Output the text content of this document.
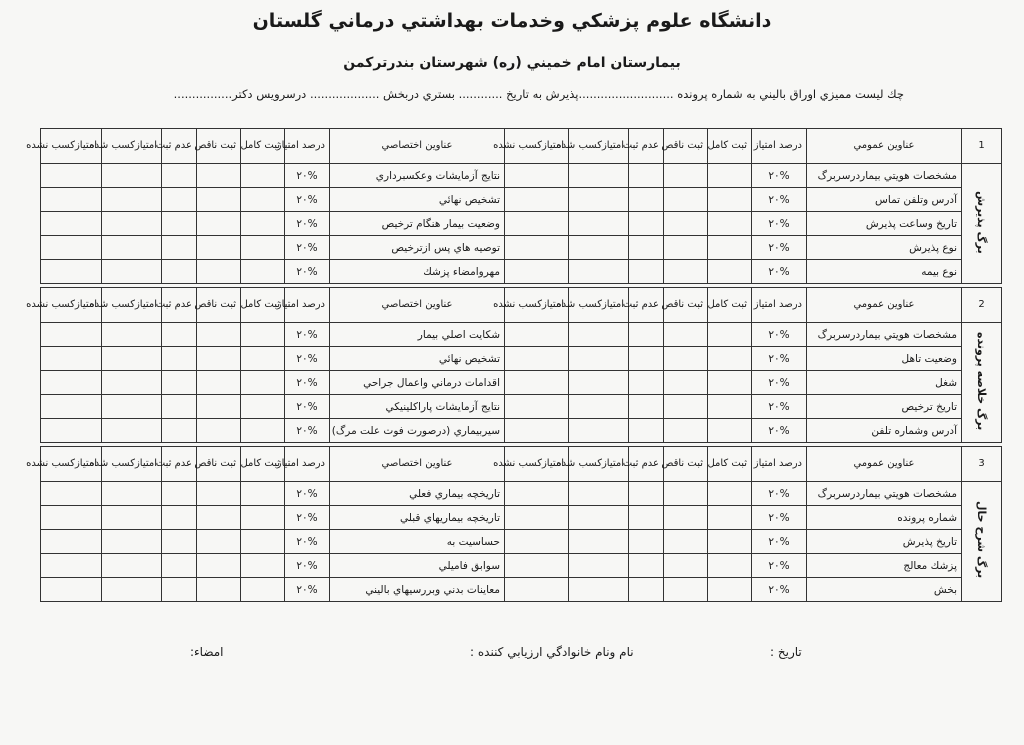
دانشگاه علوم پزشکي وخدمات بهداشتي درماني گلستان
بيمارستان امام خميني (ره) شهرستان بندرتركمن
چك ليست مميزي اوراق باليني به شماره پرونده ..........................پذيرش به تاريخ ............ بستري دربخش ................... درسرويس دكتر................
1	عناوين عمومي	درصد امتياز	ثبت كامل	ثبت ناقص	عدم ثبت	امتيازكسب شده	امتيازكسب نشده	عناوين اختصاصي	درصد امتياز	ثبت كامل	ثبت ناقص	عدم ثبت	امتيازكسب شده	امتيازكسب نشده
برگ پذيرش	مشخصات هويتي بيماردرسربرگ	٢٠%						نتايج آزمايشات وعكسبرداري	٢٠%					
	آدرس وتلفن تماس	٢٠%						تشخيص نهائي	٢٠%					
	تاريخ وساعت پذيرش	٢٠%						وضعيت بيمار هنگام ترخيص	٢٠%					
	نوع پذيرش	٢٠%						توصيه هاي پس ازترخيص	٢٠%					
	نوع بيمه	٢٠%						مهروامضاء پزشك	٢٠%					

2	عناوين عمومي	درصد امتياز	ثبت كامل	ثبت ناقص	عدم ثبت	امتيازكسب شده	امتيازكسب نشده	عناوين اختصاصي	درصد امتياز	ثبت كامل	ثبت ناقص	عدم ثبت	امتيازكسب شده	امتيازكسب نشده
برگ خلاصه پرونده	مشخصات هويتي بيماردرسربرگ	٢٠%						شكايت اصلي بيمار	٢٠%					
	وضعيت تاهل	٢٠%						تشخيص نهائي	٢٠%					
	شغل	٢٠%						اقدامات درماني واعمال جراحي	٢٠%					
	تاريخ ترخيص	٢٠%						نتايج آزمايشات پاراكلينيكي	٢٠%					
	آدرس وشماره تلفن	٢٠%						سيربيماري (درصورت فوت علت مرگ)	٢٠%					

3	عناوين عمومي	درصد امتياز	ثبت كامل	ثبت ناقص	عدم ثبت	امتيازكسب شده	امتيازكسب نشده	عناوين اختصاصي	درصد امتياز	ثبت كامل	ثبت ناقص	عدم ثبت	امتيازكسب شده	امتيازكسب نشده
برگ شرح حال	مشخصات هويتي بيماردرسربرگ	٢٠%						تاريخچه بيماري فعلي	٢٠%					
	شماره پرونده	٢٠%						تاريخچه بيماريهاي قبلي	٢٠%					
	تاريخ پذيرش	٢٠%						حساسيت به	٢٠%					
	پزشك معالج	٢٠%						سوابق فاميلي	٢٠%					
	بخش	٢٠%						معاينات بدني وبررسيهاي باليني	٢٠%					
تاريخ :
نام ونام خانوادگي ارزيابي كننده :
امضاء:
